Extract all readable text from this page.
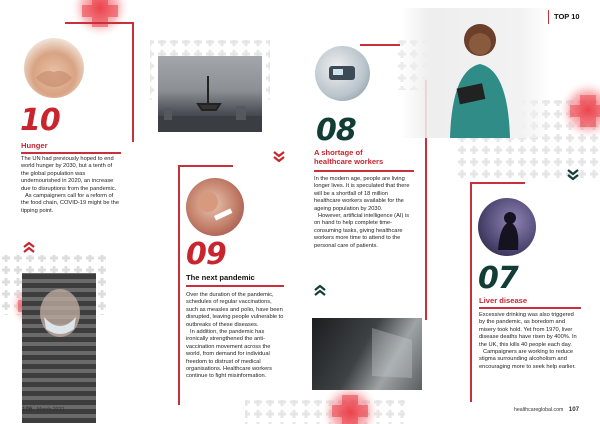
TOP 10
10
Hunger

The UN had previously hoped to end world hunger by 2030, but a tenth of the global population was undernourished in 2020, an increase due to disruptions from the pandemic.

As campaigners call for a reform of the food chain, COVID-19 might be the tipping point.

09
The next pandemic

Over the duration of the pandemic, schedules of regular vaccinations, such as measles and polio, have been disrupted, leaving people vulnerable to outbreaks of these diseases.

In addition, the pandemic has ironically strengthened the anti-vaccination movement across the world, from demand for individual freedom to distrust of medical organisations. Healthcare workers continue to fight misinformation.

08
A shortage of
healthcare workers

In the modern age, people are living longer lives. It is speculated that there will be a shortfall of 18 million healthcare workers available for the ageing population by 2030.

However, artificial intelligence (AI) is on hand to help complete time-consuming tasks, giving healthcare workers more time to attend to the personal care of patients.

07
Liver disease

Excessive drinking was also triggered by the pandemic, as boredom and misery took hold. Yet from 1970, liver disease deaths have risen by 400%. In the UK, this kills 40 people each day.

Campaigners are working to reduce stigma surrounding alcoholism and encouraging more to seek help earlier.

106 March 2022	healthcareglobal.com 107
